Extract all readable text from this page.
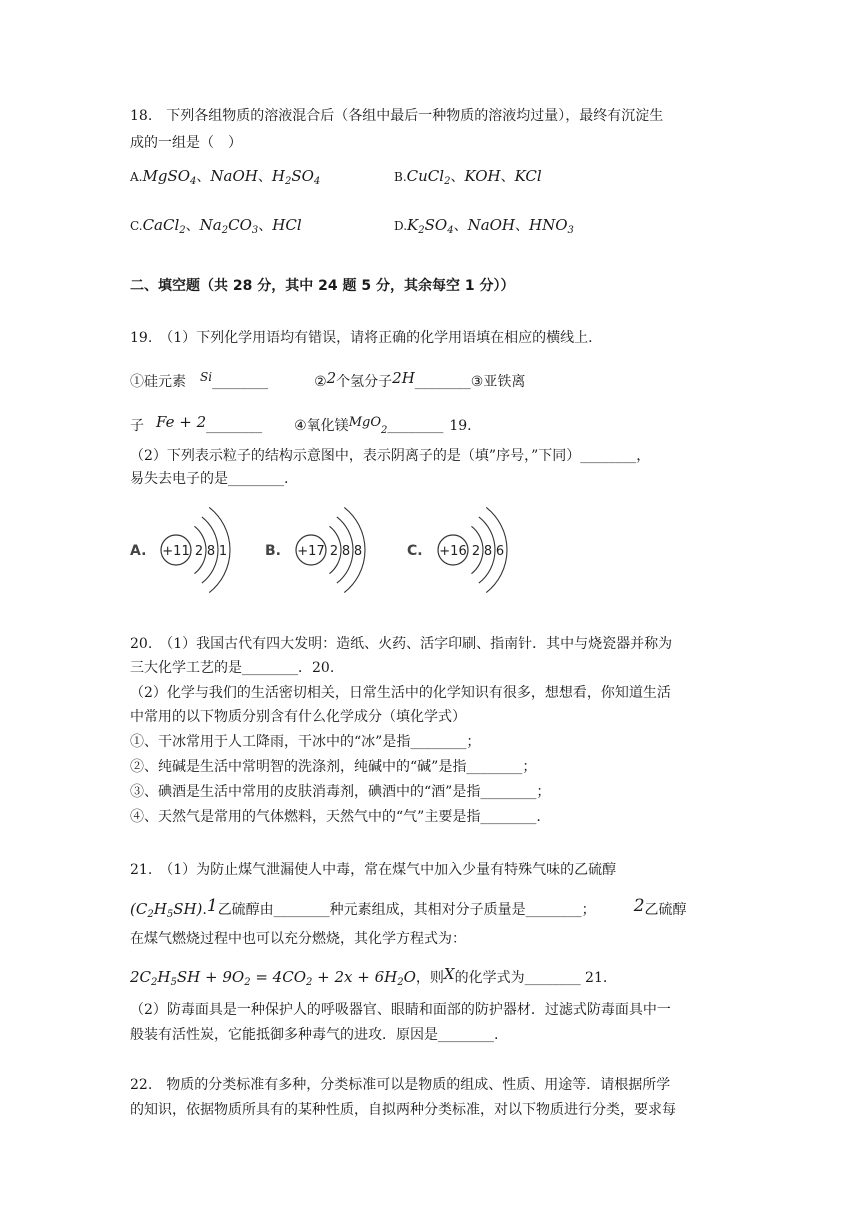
18.　下列各组物质的溶液混合后（各组中最后一种物质的溶液均过量），最终有沉淀生
成的一组是（　）
A.MgSO$_4$、NaOH、$H_2SO_4$	B.CuCl$_2$、KOH、KCl
C.CaCl$_2$、$Na_2CO_3$、HCl	$D.K_2SO_4$、NaOH、$HNO_3$
二、填空题（共 28 分，其中 24 题 5 分，其余每空 1 分））
19.　（1）下列化学用语均有错误，请将正确的化学用语填在相应的横线上.
①硅元素 Si________	②2个氢分子2H________③亚铁离
子 Fe + 2________ ④氧化镁MgO$_2$________ 19.
（2）下列表示粒子的结构示意图中，表示阴离子的是（填”序号，”下同）________，
易失去电子的是________.
A. +11 2 8 1	B. +17 2 8 8	C. +16 2 8 6
20.　（1）我国古代有四大发明：造纸、火药、活字印刷、指南针．其中与烧瓷器并称为
三大化学工艺的是________．20.
（2）化学与我们的生活密切相关，日常生活中的化学知识有很多，想想看，你知道生活
中常用的以下物质分别含有什么化学成分（填化学式）
①、干冰常用于人工降雨，干冰中的“冰”是指________；
②、纯碱是生活中常明智的洗涤剂，纯碱中的“碱”是指________；
③、碘酒是生活中常用的皮肤消毒剂，碘酒中的“酒”是指________；
④、天然气是常用的气体燃料，天然气中的“气”主要是指________.
21.　（1）为防止煤气泄漏使人中毒，常在煤气中加入少量有特殊气味的乙硫醇
$(C_2H_5SH).1$乙硫醇由________种元素组成，其相对分子质量是________； 2乙硫醇
在煤气燃烧过程中也可以充分燃烧，其化学方程式为：
$2C_2H_5SH + 9O_2 = 4CO_2 + 2x + 6H_2O$，则X的化学式为________ 21.
（2）防毒面具是一种保护人的呼吸器官、眼睛和面部的防护器材．过滤式防毒面具中一
般装有活性炭，它能抵御多种毒气的进攻．原因是________.
22.　物质的分类标准有多种，分类标准可以是物质的组成、性质、用途等．请根据所学
的知识，依据物质所具有的某种性质，自拟两种分类标准，对以下物质进行分类，要求每
